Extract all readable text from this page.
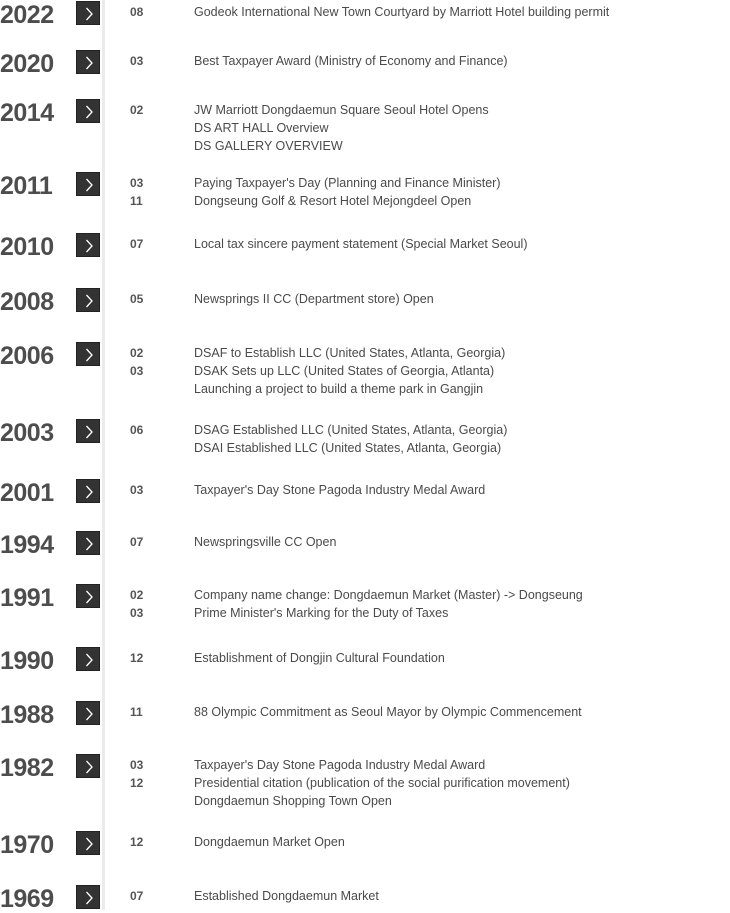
2022	08	Godeok International New Town Courtyard by Marriott Hotel building permit
2020	03	Best Taxpayer Award (Ministry of Economy and Finance)
2014	02	JW Marriott Dongdaemun Square Seoul Hotel Opens
DS ART HALL Overview
DS GALLERY OVERVIEW
2011	03	Paying Taxpayer's Day (Planning and Finance Minister)
11	Dongseung Golf & Resort Hotel Mejongdeel Open
2010	07	Local tax sincere payment statement (Special Market Seoul)
2008	05	Newsprings II CC (Department store) Open
2006	02	DSAF to Establish LLC (United States, Atlanta, Georgia)
03	DSAK Sets up LLC (United States of Georgia, Atlanta)
Launching a project to build a theme park in Gangjin
2003	06	DSAG Established LLC (United States, Atlanta, Georgia)
DSAI Established LLC (United States, Atlanta, Georgia)
2001	03	Taxpayer's Day Stone Pagoda Industry Medal Award
1994	07	Newspringsville CC Open
1991	02	Company name change: Dongdaemun Market (Master) -> Dongseung
03	Prime Minister's Marking for the Duty of Taxes
1990	12	Establishment of Dongjin Cultural Foundation
1988	11	88 Olympic Commitment as Seoul Mayor by Olympic Commencement
1982	03	Taxpayer's Day Stone Pagoda Industry Medal Award
12	Presidential citation (publication of the social purification movement)
Dongdaemun Shopping Town Open
1970	12	Dongdaemun Market Open
1969	07	Established Dongdaemun Market
